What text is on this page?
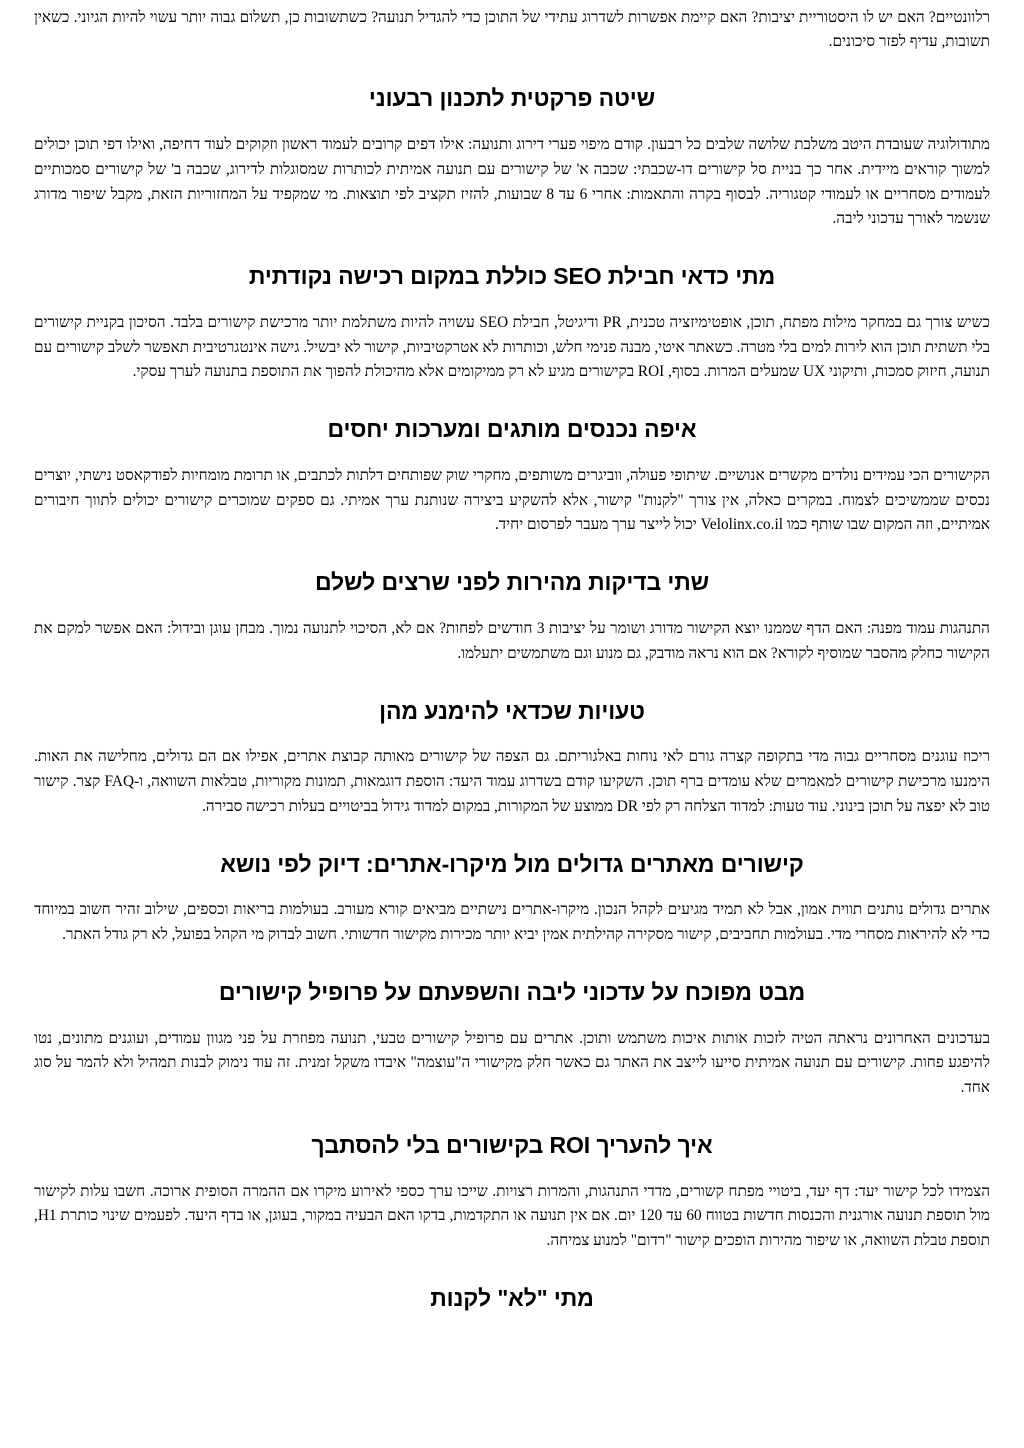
רלוונטיים? האם יש לו היסטוריית יציבות? האם קיימת אפשרות לשדרוג עתידי של התוכן כדי להגדיל תנועה? כשתשובות כן, תשלום גבוה יותר עשוי להיות הגיוני. כשאין תשובות, עדיף לפזר סיכונים.

שיטה פרקטית לתכנון רבעוני

מתודולוגיה שעובדת היטב משלבת שלושה שלבים כל רבעון. קודם מיפוי פערי דירוג ותנועה: אילו דפים קרובים לעמוד ראשון וזקוקים לעוד דחיפה, ואילו דפי תוכן יכולים למשוך קוראים מיידית. אחר כך בניית סל קישורים דו-שכבתי: שכבה א' של קישורים עם תנועה אמיתית לכותרות שמסוגלות לדירוג, שכבה ב' של קישורים סמכותיים לעמודים מסחריים או לעמודי קטגוריה. לבסוף בקרה והתאמות: אחרי 6 עד 8 שבועות, להזיז תקציב לפי תוצאות. מי שמקפיד על המחזוריות הזאת, מקבל שיפור מדורג שנשמר לאורך עדכוני ליבה.

מתי כדאי חבילת SEO כוללת במקום רכישה נקודתית

כשיש צורך גם במחקר מילות מפתח, תוכן, אופטימיזציה טכנית, PR ודיגיטל, חבילת SEO עשויה להיות משתלמת יותר מרכישת קישורים בלבד. הסיכון בקניית קישורים בלי תשתית תוכן הוא לירות למים בלי מטרה. כשאתר איטי, מבנה פנימי חלש, וכותרות לא אטרקטיביות, קישור לא יבשיל. גישה אינטגרטיבית תאפשר לשלב קישורים עם תנועה, חיזוק סמכות, ותיקוני UX שמעלים המרות. בסוף, ROI בקישורים מגיע לא רק ממיקומים אלא מהיכולת להפוך את התוספת בתנועה לערך עסקי.

איפה נכנסים מותגים ומערכות יחסים

הקישורים הכי עמידים נולדים מקשרים אנושיים. שיתופי פעולה, ווביגרים משותפים, מחקרי שוק שפותחים דלתות לכתבים, או תרומת מומחיות לפודקאסט נישתי, יוצרים נכסים שממשיכים לצמוח. במקרים כאלה, אין צורך "לקנות" קישור, אלא להשקיע ביצירה שנותנת ערך אמיתי. גם ספקים שמוכרים קישורים יכולים לתווך חיבורים אמיתיים, וזה המקום שבו שותף כמו Velolinx.co.il יכול לייצר ערך מעבר לפרסום יחיד.

שתי בדיקות מהירות לפני שרצים לשלם

התנהגות עמוד מפנה: האם הדף שממנו יוצא הקישור מדורג ושומר על יציבות 3 חודשים לפחות? אם לא, הסיכוי לתנועה נמוך. מבחן עוגן ובידול: האם אפשר למקם את הקישור כחלק מהסבר שמוסיף לקורא? אם הוא נראה מודבק, גם מנוע וגם משתמשים יתעלמו.

טעויות שכדאי להימנע מהן

ריכוז עוגנים מסחריים גבוה מדי בתקופה קצרה גורם לאי נוחות באלגוריתם. גם הצפה של קישורים מאותה קבוצת אתרים, אפילו אם הם גדולים, מחלישה את האות. הימנעו מרכישת קישורים למאמרים שלא עומדים ברף תוכן. השקיעו קודם בשדרוג עמוד היעד: הוספת דוגמאות, תמונות מקוריות, טבלאות השוואה, ו-FAQ קצר. קישור טוב לא יפצה על תוכן בינוני. עוד טעות: למדוד הצלחה רק לפי DR ממוצע של המקורות, במקום למדוד גידול בביטויים בעלות רכישה סבירה.

קישורים מאתרים גדולים מול מיקרו-אתרים: דיוק לפי נושא

אתרים גדולים נותנים תווית אמון, אבל לא תמיד מגיעים לקהל הנכון. מיקרו-אתרים נישתיים מביאים קורא מעורב. בעולמות בריאות וכספים, שילוב זהיר חשוב במיוחד כדי לא להיראות מסחרי מדי. בעולמות תחביבים, קישור מסקירה קהילתית אמין יביא יותר מכירות מקישור חדשותי. חשוב לבדוק מי הקהל בפועל, לא רק גודל האתר.

מבט מפוכח על עדכוני ליבה והשפעתם על פרופיל קישורים

בעדכונים האחרונים נראתה הטיה לזכות אותות איכות משתמש ותוכן. אתרים עם פרופיל קישורים טבעי, תנועה מפוזרת על פני מגוון עמודים, ועוגנים מתונים, נטו להיפגע פחות. קישורים עם תנועה אמיתית סייעו לייצב את האתר גם כאשר חלק מקישורי ה"עוצמה" איבדו משקל זמנית. זה עוד נימוק לבנות תמהיל ולא להמר על סוג אחד.

איך להעריך ROI בקישורים בלי להסתבך

הצמידו לכל קישור יעד: דף יעד, ביטויי מפתח קשורים, מדדי התנהגות, והמרות רצויות. שייכו ערך כספי לאירוע מיקרו אם ההמרה הסופית ארוכה. חשבו עלות לקישור מול תוספת תנועה אורגנית והכנסות חדשות בטווח 60 עד 120 יום. אם אין תנועה או התקדמות, בדקו האם הבעיה במקור, בעוגן, או בדף היעד. לפעמים שינוי כותרת H1, תוספת טבלת השוואה, או שיפור מהירות הופכים קישור "רדום" למנוע צמיחה.

מתי "לא" לקנות
